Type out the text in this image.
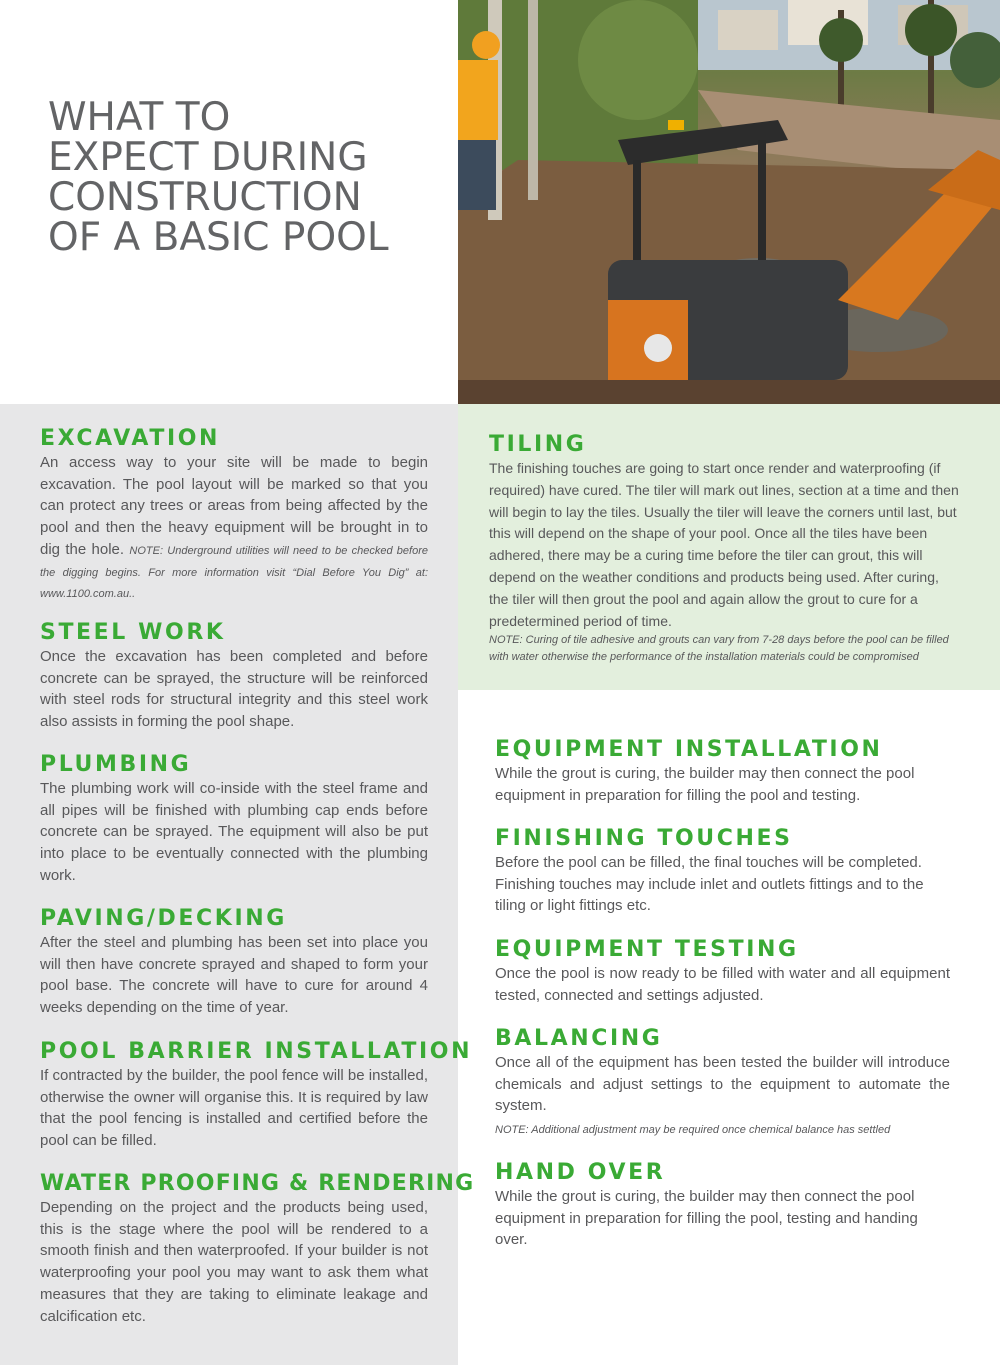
WHAT TO
EXPECT DURING
CONSTRUCTION
OF A BASIC POOL
EXCAVATION

An access way to your site will be made to begin excavation. The pool layout will be marked so that you can protect any trees or areas from being affected by the pool and then the heavy equipment will be brought in to dig the hole. NOTE: Underground utilities will need to be checked before the digging begins. For more information visit “Dial Before You Dig” at: www.1100.com.au..

STEEL WORK

Once the excavation has been completed and before concrete can be sprayed, the structure will be reinforced with steel rods for structural integrity and this steel work also assists in forming the pool shape.

PLUMBING

The plumbing work will co-inside with the steel frame and all pipes will be finished with plumbing cap ends before concrete can be sprayed. The equipment will also be put into place to be eventually connected with the plumbing work.

PAVING/DECKING

After the steel and plumbing has been set into place you will then have concrete sprayed and shaped to form your pool base. The concrete will have to cure for around 4 weeks depending on the time of year.

POOL BARRIER INSTALLATION

If contracted by the builder, the pool fence will be installed, otherwise the owner will organise this. It is required by law that the pool fencing is installed and certified before the pool can be filled.

WATER PROOFING & RENDERING

Depending on the project and the products being used, this is the stage where the pool will be rendered to a smooth finish and then waterproofed. If your builder is not waterproofing your pool you may want to ask them what measures that they are taking to eliminate leakage and calcification etc.

TILING

The finishing touches are going to start once render and waterproofing (if required) have cured. The tiler will mark out lines, section at a time and then will begin to lay the tiles. Usually the tiler will leave the corners until last, but this will depend on the shape of your pool. Once all the tiles have been adhered, there may be a curing time before the tiler can grout, this will depend on the weather conditions and products being used. After curing, the tiler will then grout the pool and again allow the grout to cure for a predetermined period of time.

NOTE: Curing of tile adhesive and grouts can vary from 7-28 days before the pool can be filled with water otherwise the performance of the installation materials could be compromised

EQUIPMENT INSTALLATION

While the grout is curing, the builder may then connect the pool equipment in preparation for filling the pool and testing.

FINISHING TOUCHES

Before the pool can be filled, the final touches will be completed. Finishing touches may include inlet and outlets fittings and to the tiling or light fittings etc.

EQUIPMENT TESTING

Once the pool is now ready to be filled with water and all equipment tested, connected and settings adjusted.

BALANCING

Once all of the equipment has been tested the builder will introduce chemicals and adjust settings to the equipment to automate the system.

NOTE: Additional adjustment may be required once chemical balance has settled

HAND OVER

While the grout is curing, the builder may then connect the pool equipment in preparation for filling the pool, testing and handing over.
